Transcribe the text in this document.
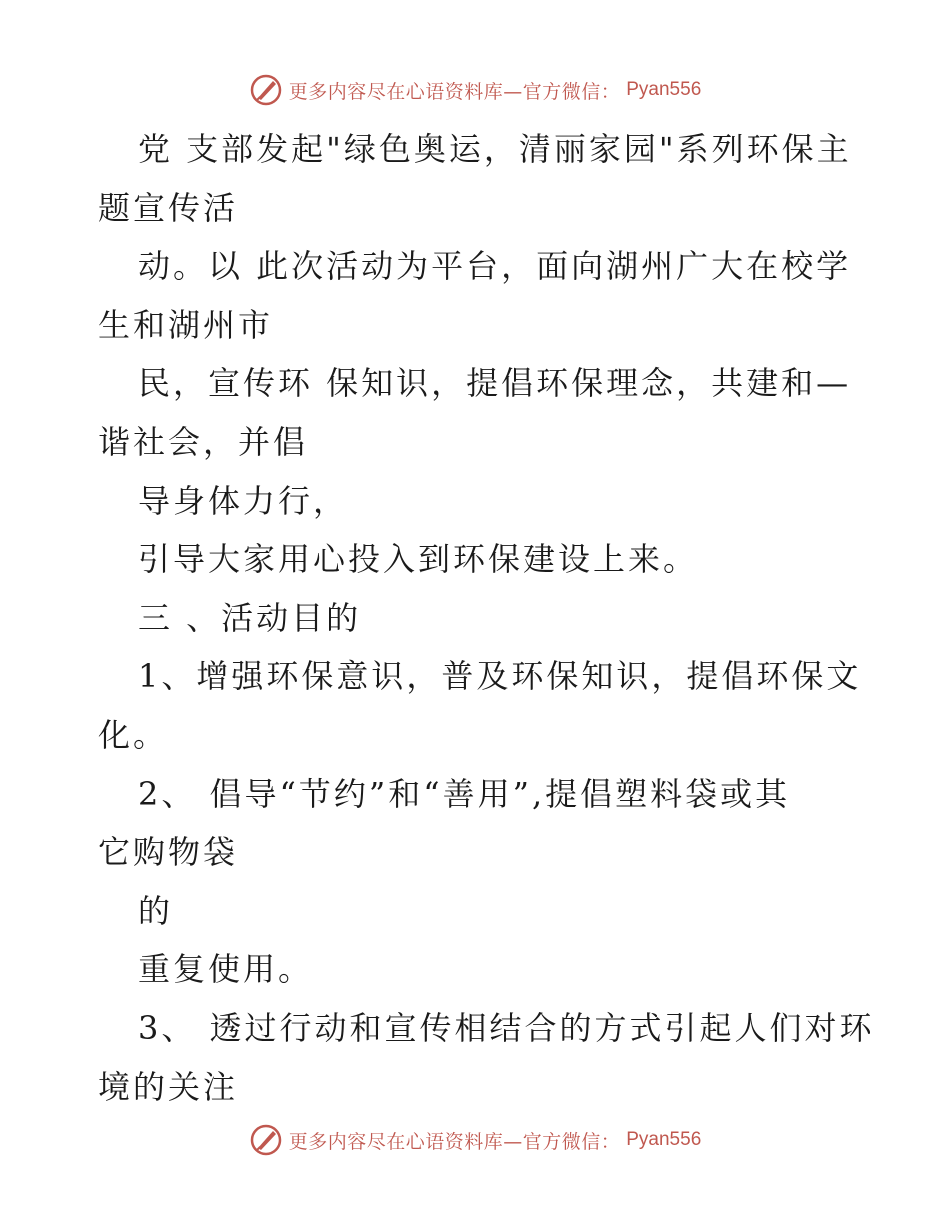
更多内容尽在心语资料库—官方微信： Pyan556
党 支部发起"绿色奥运，清丽家园"系列环保主
题宣传活
动。以 此次活动为平台，面向湖州广大在校学
生和湖州市
民，宣传环 保知识，提倡环保理念，共建和—
谐社会，并倡
导身体力行，
引导大家用心投入到环保建设上来。
三 、活动目的
1、增强环保意识，普及环保知识，提倡环保文
化。
2、 倡导“节约”和“善用”,提倡塑料袋或其
它购物袋
的
重复使用。
3、 透过行动和宣传相结合的方式引起人们对环
境的关注
更多内容尽在心语资料库—官方微信： Pyan556
